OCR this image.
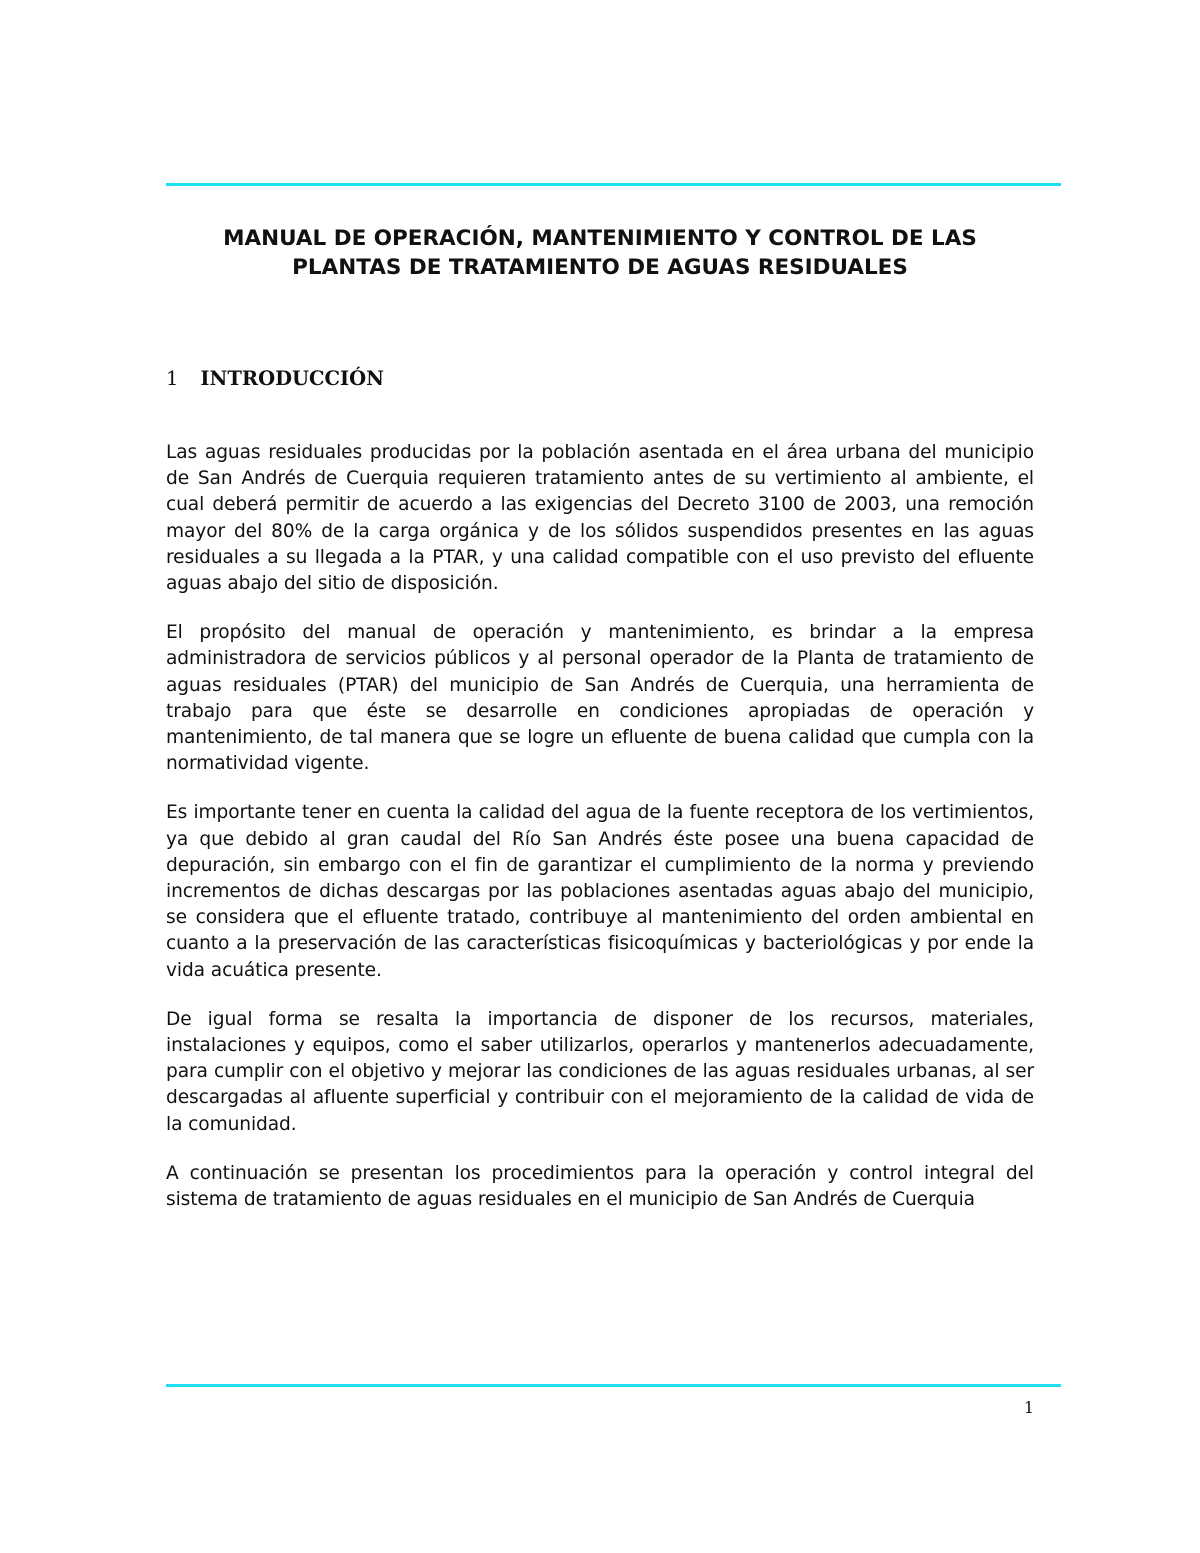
MANUAL DE OPERACIÓN, MANTENIMIENTO Y CONTROL DE LAS PLANTAS DE TRATAMIENTO DE AGUAS RESIDUALES
1 INTRODUCCIÓN

Las aguas residuales producidas por la población asentada en el área urbana del municipio de San Andrés de Cuerquia requieren tratamiento antes de su vertimiento al ambiente, el cual deberá permitir de acuerdo a las exigencias del Decreto 3100 de 2003, una remoción mayor del 80% de la carga orgánica y de los sólidos suspendidos presentes en las aguas residuales a su llegada a la PTAR, y una calidad compatible con el uso previsto del efluente aguas abajo del sitio de disposición.

El propósito del manual de operación y mantenimiento, es brindar a la empresa administradora de servicios públicos y al personal operador de la Planta de tratamiento de aguas residuales (PTAR) del municipio de San Andrés de Cuerquia, una herramienta de trabajo para que éste se desarrolle en condiciones apropiadas de operación y mantenimiento, de tal manera que se logre un efluente de buena calidad que cumpla con la normatividad vigente.

Es importante tener en cuenta la calidad del agua de la fuente receptora de los vertimientos, ya que debido al gran caudal del Río San Andrés éste posee una buena capacidad de depuración, sin embargo con el fin de garantizar el cumplimiento de la norma y previendo incrementos de dichas descargas por las poblaciones asentadas aguas abajo del municipio, se considera que el efluente tratado, contribuye al mantenimiento del orden ambiental en cuanto a la preservación de las características fisicoquímicas y bacteriológicas y por ende la vida acuática presente.

De igual forma se resalta la importancia de disponer de los recursos, materiales, instalaciones y equipos, como el saber utilizarlos, operarlos y mantenerlos adecuadamente, para cumplir con el objetivo y mejorar las condiciones de las aguas residuales urbanas, al ser descargadas al afluente superficial y contribuir con el mejoramiento de la calidad de vida de la comunidad.

A continuación se presentan los procedimientos para la operación y control integral del sistema de tratamiento de aguas residuales en el municipio de San Andrés de Cuerquia

1
